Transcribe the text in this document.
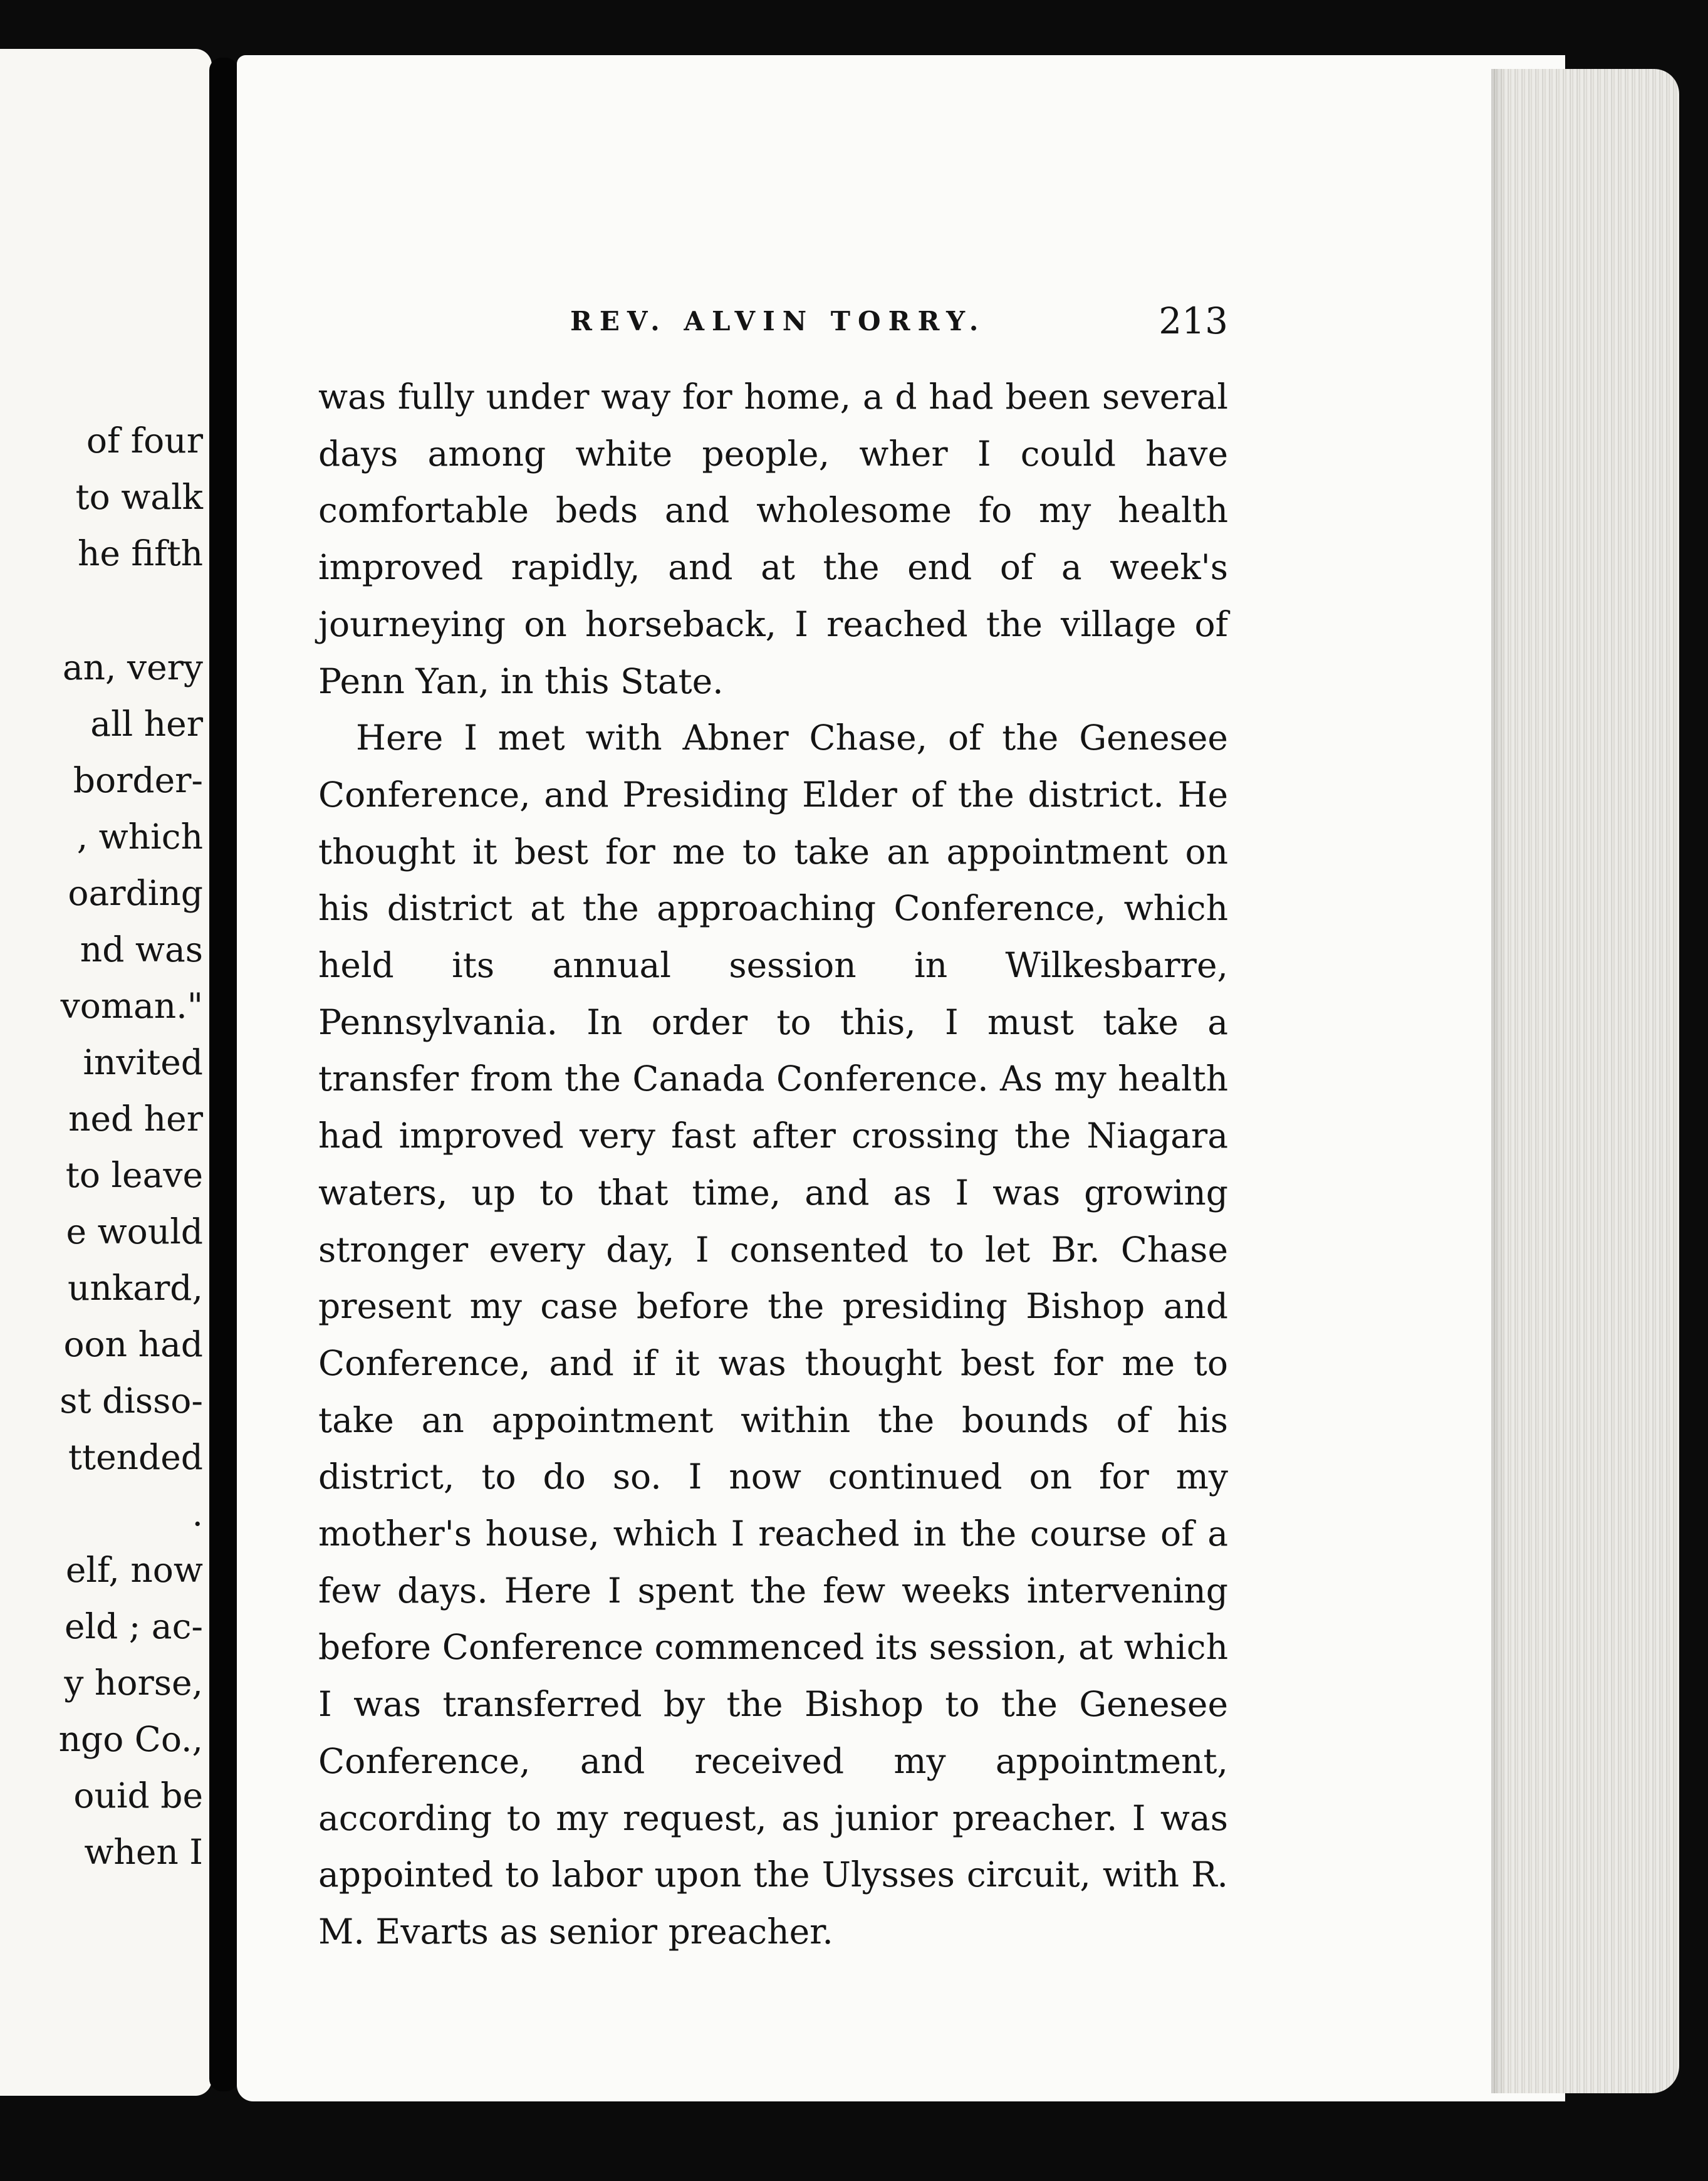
of four

to walk

he fifth

an, very

all her

border-

, which

oarding

nd was

voman."

invited

ned her

to leave

e would

unkard,

oon had

st disso-

ttended

.

elf, now

eld ; ac-

y horse,

ngo Co.,

ouid be

when I

REV. ALVIN TORRY.	213

was fully under way for home, a d had been several days among white people, wher I could have comfortable beds and wholesome fo my health improved rapidly, and at the end of a week's journeying on horseback, I reached the village of Penn Yan, in this State.

Here I met with Abner Chase, of the Genesee Conference, and Presiding Elder of the district. He thought it best for me to take an appointment on his district at the approaching Conference, which held its annual session in Wilkesbarre, Pennsylvania. In order to this, I must take a transfer from the Canada Conference. As my health had improved very fast after crossing the Niagara waters, up to that time, and as I was growing stronger every day, I consented to let Br. Chase present my case before the presiding Bishop and Conference, and if it was thought best for me to take an appointment within the bounds of his district, to do so. I now continued on for my mother's house, which I reached in the course of a few days. Here I spent the few weeks intervening before Conference commenced its session, at which I was transferred by the Bishop to the Genesee Conference, and received my appointment, according to my request, as junior preacher. I was appointed to labor upon the Ulysses circuit, with R. M. Evarts as senior preacher.
